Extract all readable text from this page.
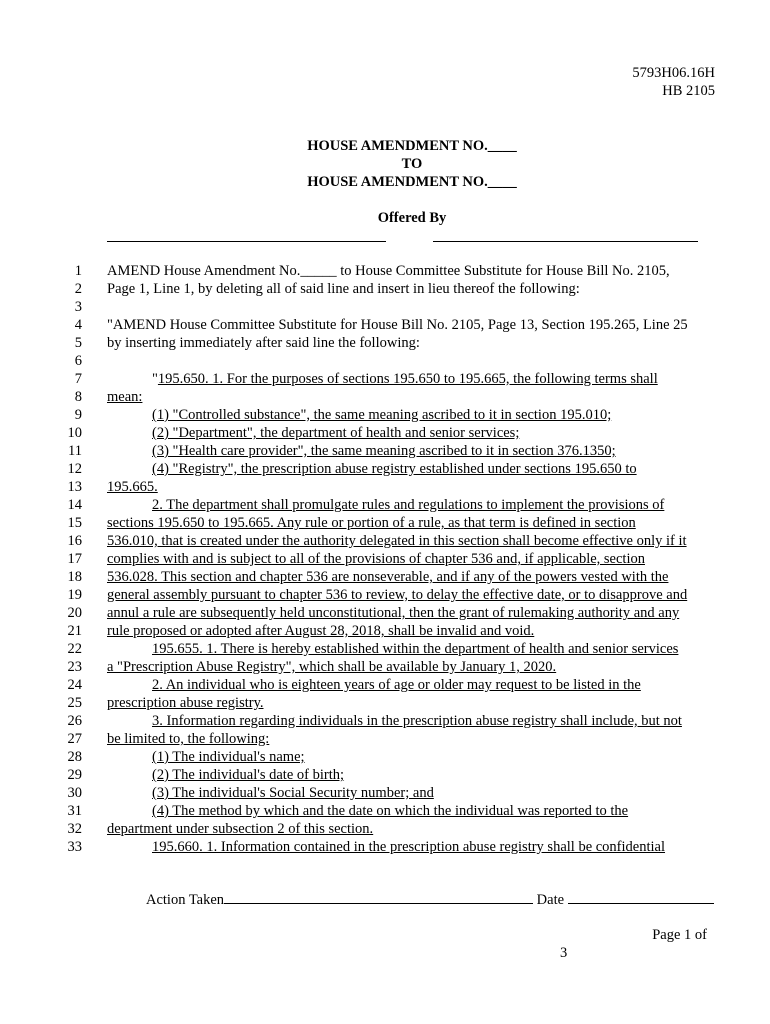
5793H06.16H
HB 2105
HOUSE AMENDMENT NO.____
TO
HOUSE AMENDMENT NO.____
Offered By
1 AMEND House Amendment No._____ to House Committee Substitute for House Bill No. 2105,
2 Page 1, Line 1, by deleting all of said line and insert in lieu thereof the following:
3
4 "AMEND House Committee Substitute for House Bill No. 2105, Page 13, Section 195.265, Line 25
5 by inserting immediately after said line the following:
6
7	"195.650. 1. For the purposes of sections 195.650 to 195.665, the following terms shall
8 mean:
9	(1) "Controlled substance", the same meaning ascribed to it in section 195.010;
10	(2) "Department", the department of health and senior services;
11	(3) "Health care provider", the same meaning ascribed to it in section 376.1350;
12	(4) "Registry", the prescription abuse registry established under sections 195.650 to
13 195.665.
14	2. The department shall promulgate rules and regulations to implement the provisions of
15 sections 195.650 to 195.665. Any rule or portion of a rule, as that term is defined in section
16 536.010, that is created under the authority delegated in this section shall become effective only if it
17 complies with and is subject to all of the provisions of chapter 536 and, if applicable, section
18 536.028. This section and chapter 536 are nonseverable, and if any of the powers vested with the
19 general assembly pursuant to chapter 536 to review, to delay the effective date, or to disapprove and
20 annul a rule are subsequently held unconstitutional, then the grant of rulemaking authority and any
21 rule proposed or adopted after August 28, 2018, shall be invalid and void.
22	195.655. 1. There is hereby established within the department of health and senior services
23 a "Prescription Abuse Registry", which shall be available by January 1, 2020.
24	2. An individual who is eighteen years of age or older may request to be listed in the
25 prescription abuse registry.
26	3. Information regarding individuals in the prescription abuse registry shall include, but not
27 be limited to, the following:
28	(1) The individual's name;
29	(2) The individual's date of birth;
30	(3) The individual's Social Security number; and
31	(4) The method by which and the date on which the individual was reported to the
32 department under subsection 2 of this section.
33	195.660. 1. Information contained in the prescription abuse registry shall be confidential
Action Taken	Date
Page 1 of
3
